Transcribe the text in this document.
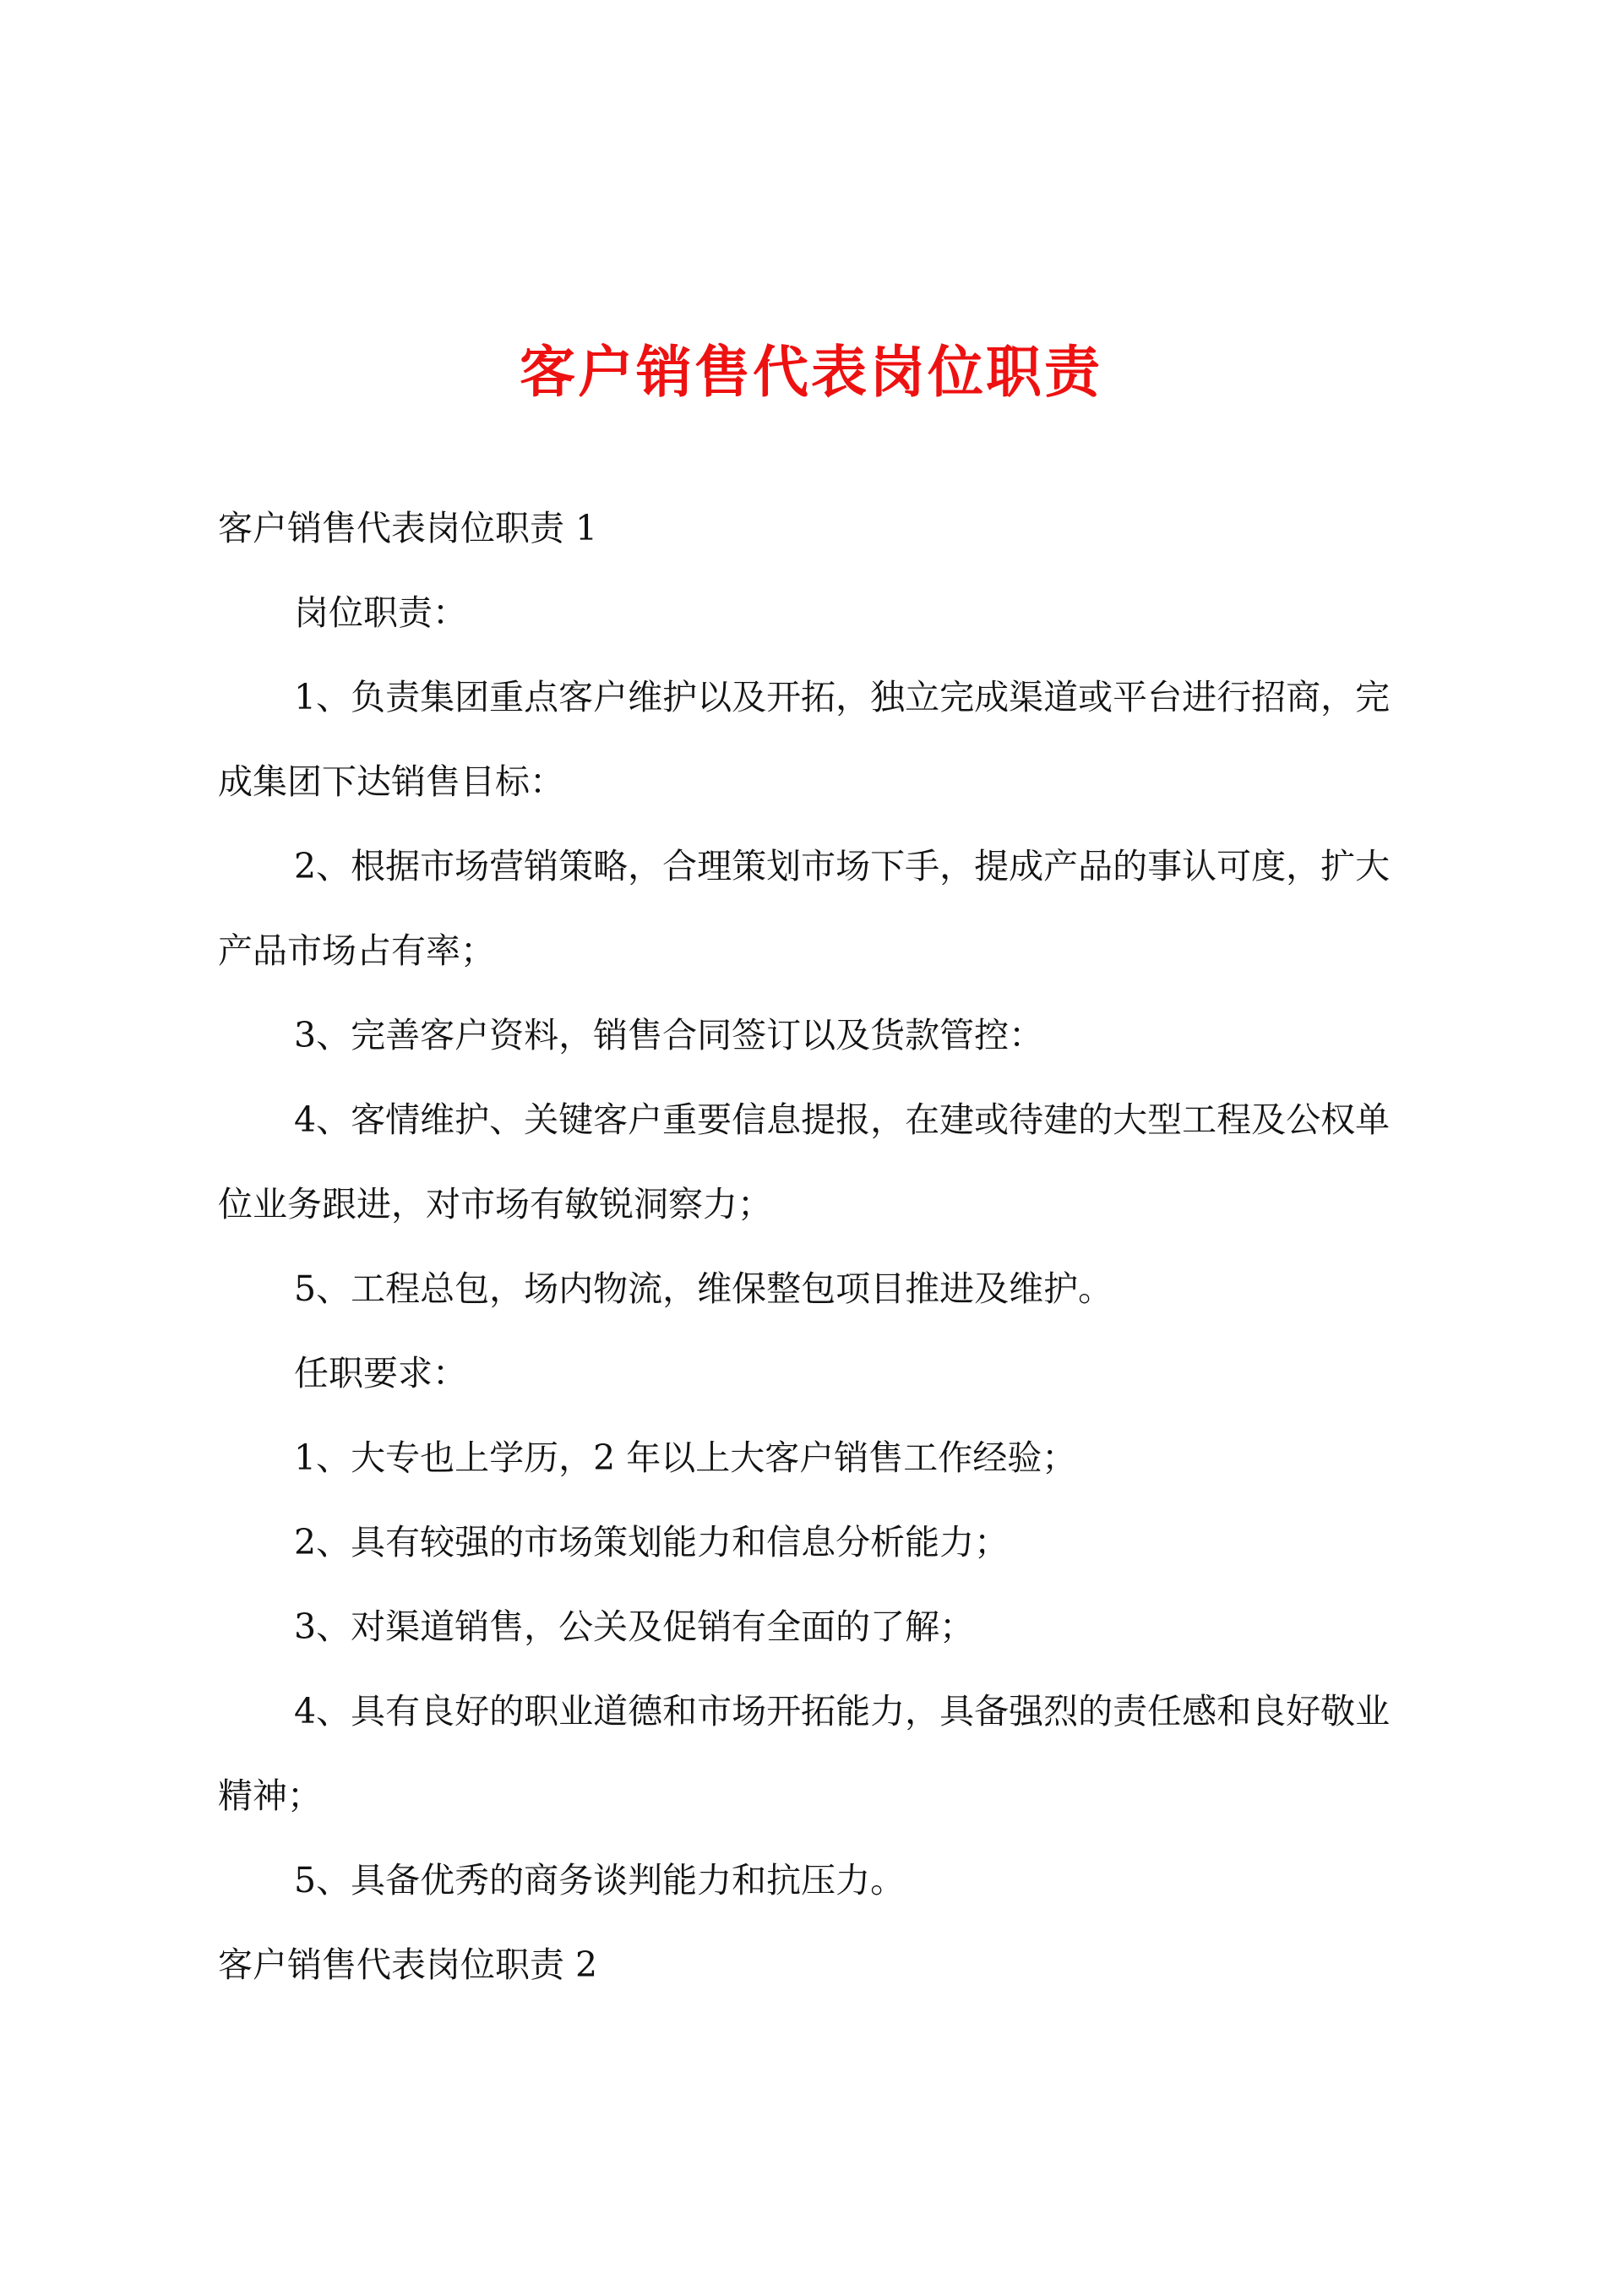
客户销售代表岗位职责

客户销售代表岗位职责 1

岗位职责：

1、负责集团重点客户维护以及开拓，独立完成渠道或平台进行招商，完成集团下达销售目标：

2、根据市场营销策略，合理策划市场下手，提成产品的事认可度，扩大产品市场占有率；

3、完善客户资料，销售合同签订以及货款管控：

4、客情维护、关键客户重要信息提报，在建或待建的大型工程及公权单位业务跟进，对市场有敏锐洞察力；

5、工程总包，场内物流，维保整包项目推进及维护。

任职要求：

1、大专也上学历，2 年以上大客户销售工作经验；

2、具有较强的市场策划能力和信息分析能力；

3、对渠道销售，公关及促销有全面的了解；

4、具有良好的职业道德和市场开拓能力，具备强烈的责任感和良好敬业精神；

5、具备优秀的商务谈判能力和抗压力。

客户销售代表岗位职责 2
